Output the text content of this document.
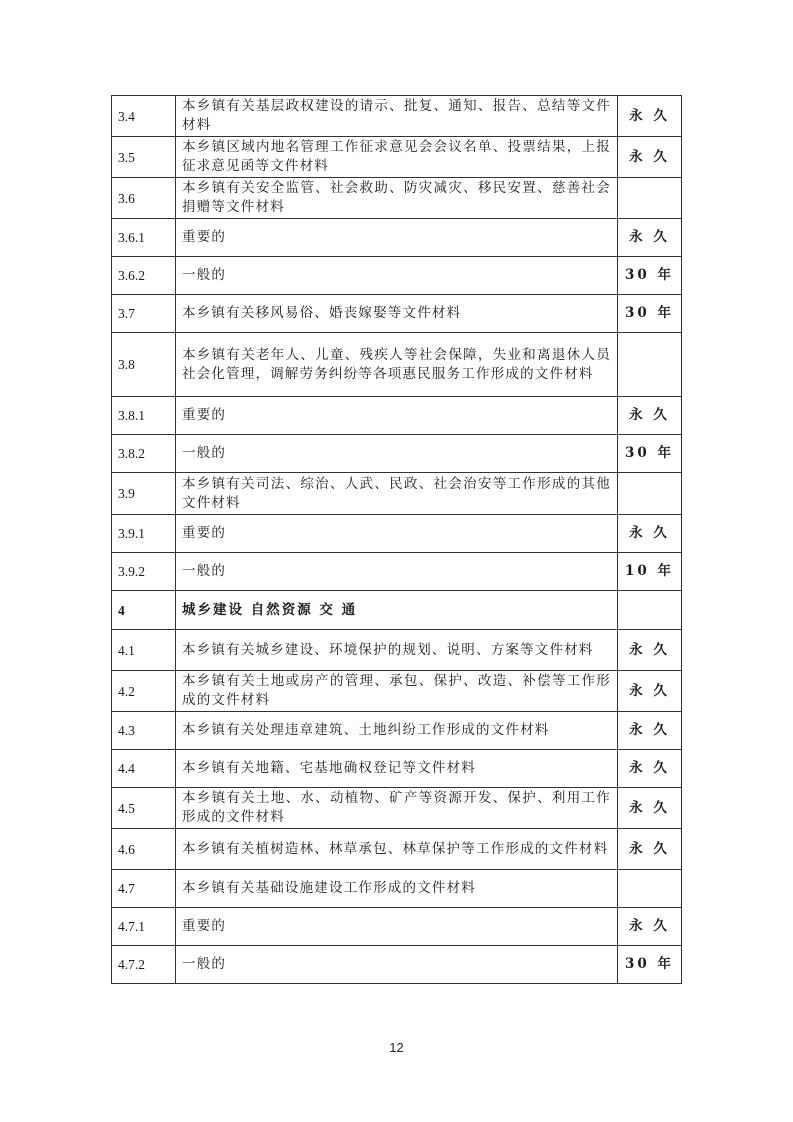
3.4	本乡镇有关基层政权建设的请示、批复、通知、报告、总结等文件材料	永 久
3.5	本乡镇区域内地名管理工作征求意见会会议名单、投票结果，上报征求意见函等文件材料	永 久
3.6	本乡镇有关安全监管、社会救助、防灾减灾、移民安置、慈善社会捐赠等文件材料	
3.6.1	重要的	永 久
3.6.2	一般的	30 年
3.7	本乡镇有关移风易俗、婚丧嫁娶等文件材料	30 年
3.8	本乡镇有关老年人、儿童、残疾人等社会保障，失业和离退休人员社会化管理，调解劳务纠纷等各项惠民服务工作形成的文件材料	
3.8.1	重要的	永 久
3.8.2	一般的	30 年
3.9	本乡镇有关司法、综治、人武、民政、社会治安等工作形成的其他文件材料	
3.9.1	重要的	永 久
3.9.2	一般的	10 年
4	城乡建设 自然资源 交 通	
4.1	本乡镇有关城乡建设、环境保护的规划、说明、方案等文件材料	永 久
4.2	本乡镇有关土地或房产的管理、承包、保护、改造、补偿等工作形成的文件材料	永 久
4.3	本乡镇有关处理违章建筑、土地纠纷工作形成的文件材料	永 久
4.4	本乡镇有关地籍、宅基地确权登记等文件材料	永 久
4.5	本乡镇有关土地、水、动植物、矿产等资源开发、保护、利用工作形成的文件材料	永 久
4.6	本乡镇有关植树造林、林草承包、林草保护等工作形成的文件材料	永 久
4.7	本乡镇有关基础设施建设工作形成的文件材料	
4.7.1	重要的	永 久
4.7.2	一般的	30 年
12
